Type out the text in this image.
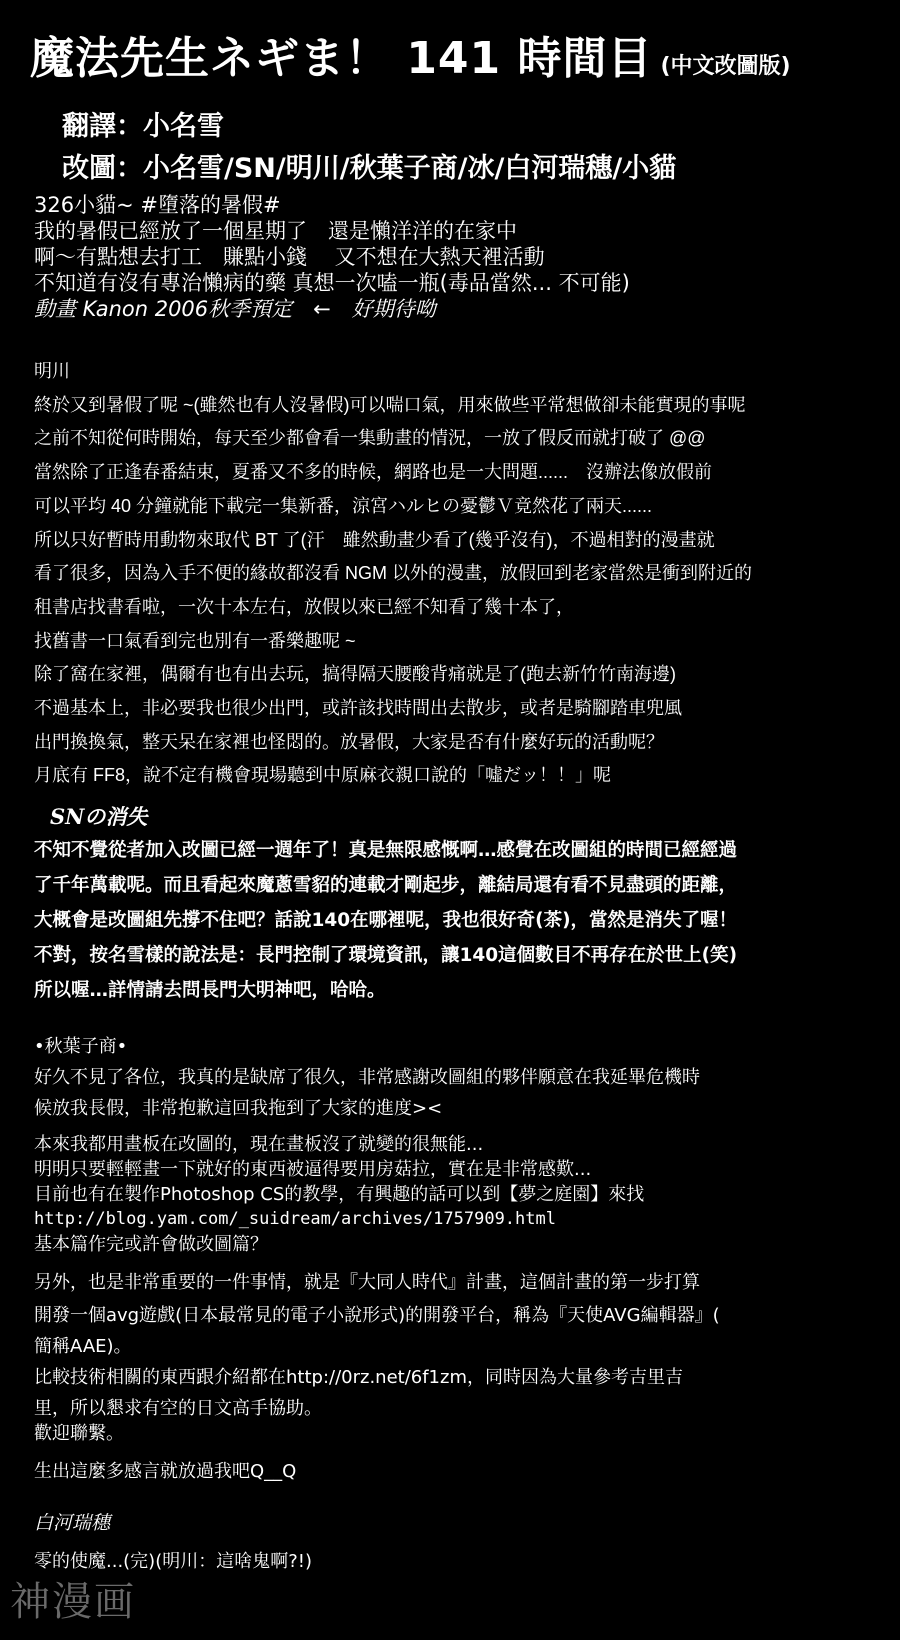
魔法先生ネギま！ 141 時間目 (中文改圖版)
翻譯：小名雪
改圖：小名雪/SN/明川/秋葉子商/冰/白河瑞穗/小貓
326小貓~ #墮落的暑假#
我的暑假已經放了一個星期了　還是懶洋洋的在家中
啊～有點想去打工　賺點小錢　 又不想在大熱天裡活動
不知道有沒有專治懶病的藥 真想一次嗑一瓶(毒品當然... 不可能)
動畫 Kanon 2006秋季預定　←　好期待呦
明川
終於又到暑假了呢 ~(雖然也有人沒暑假)可以喘口氣，用來做些平常想做卻未能實現的事呢
之前不知從何時開始，每天至少都會看一集動畫的情況，一放了假反而就打破了 @@
當然除了正逢春番結束，夏番又不多的時候，網路也是一大問題......　沒辦法像放假前
可以平均 40 分鐘就能下載完一集新番，涼宮ハルヒの憂鬱Ｖ竟然花了兩天......
所以只好暫時用動物來取代 BT 了(汗　雖然動畫少看了(幾乎沒有)，不過相對的漫畫就
看了很多，因為入手不便的緣故都沒看 NGM 以外的漫畫，放假回到老家當然是衝到附近的
租書店找書看啦，一次十本左右，放假以來已經不知看了幾十本了，
找舊書一口氣看到完也別有一番樂趣呢 ~
除了窩在家裡，偶爾有也有出去玩，搞得隔天腰酸背痛就是了(跑去新竹竹南海邊)
不過基本上，非必要我也很少出門，或許該找時間出去散步，或者是騎腳踏車兜風
出門換換氣，整天呆在家裡也怪悶的。放暑假，大家是否有什麼好玩的活動呢？
月底有 FF8，說不定有機會現場聽到中原麻衣親口說的「噓だッ！！」呢
SNの消失
不知不覺從者加入改圖已經一週年了！真是無限感慨啊…感覺在改圖組的時間已經經過
了千年萬載呢。而且看起來魔蔥雪貂的連載才剛起步，離結局還有看不見盡頭的距離，
大概會是改圖組先撐不住吧？話說140在哪裡呢，我也很好奇(茶)，當然是消失了喔！
不對，按名雪樣的說法是：長門控制了環境資訊，讓140這個數目不再存在於世上(笑)
所以喔…詳情請去問長門大明神吧，哈哈。
•秋葉子商•
好久不見了各位，我真的是缺席了很久，非常感謝改圖組的夥伴願意在我延畢危機時
候放我長假，非常抱歉這回我拖到了大家的進度><
本來我都用畫板在改圖的，現在畫板沒了就變的很無能...
明明只要輕輕畫一下就好的東西被逼得要用房菇拉，實在是非常感歎...
目前也有在製作Photoshop CS的教學，有興趣的話可以到【夢之庭園】來找
http://blog.yam.com/_suidream/archives/1757909.html
基本篇作完或許會做改圖篇？
另外，也是非常重要的一件事情，就是『大同人時代』計畫，這個計畫的第一步打算
開發一個avg遊戲(日本最常見的電子小說形式)的開發平台，稱為『天使AVG編輯器』(
簡稱AAE)。
比較技術相關的東西跟介紹都在http://0rz.net/6f1zm，同時因為大量參考吉里吉
里，所以懇求有空的日文高手協助。
歡迎聯繫。
生出這麼多感言就放過我吧Q__Q
白河瑞穗
零的使魔...(完)(明川：這啥鬼啊?!)
神漫画
